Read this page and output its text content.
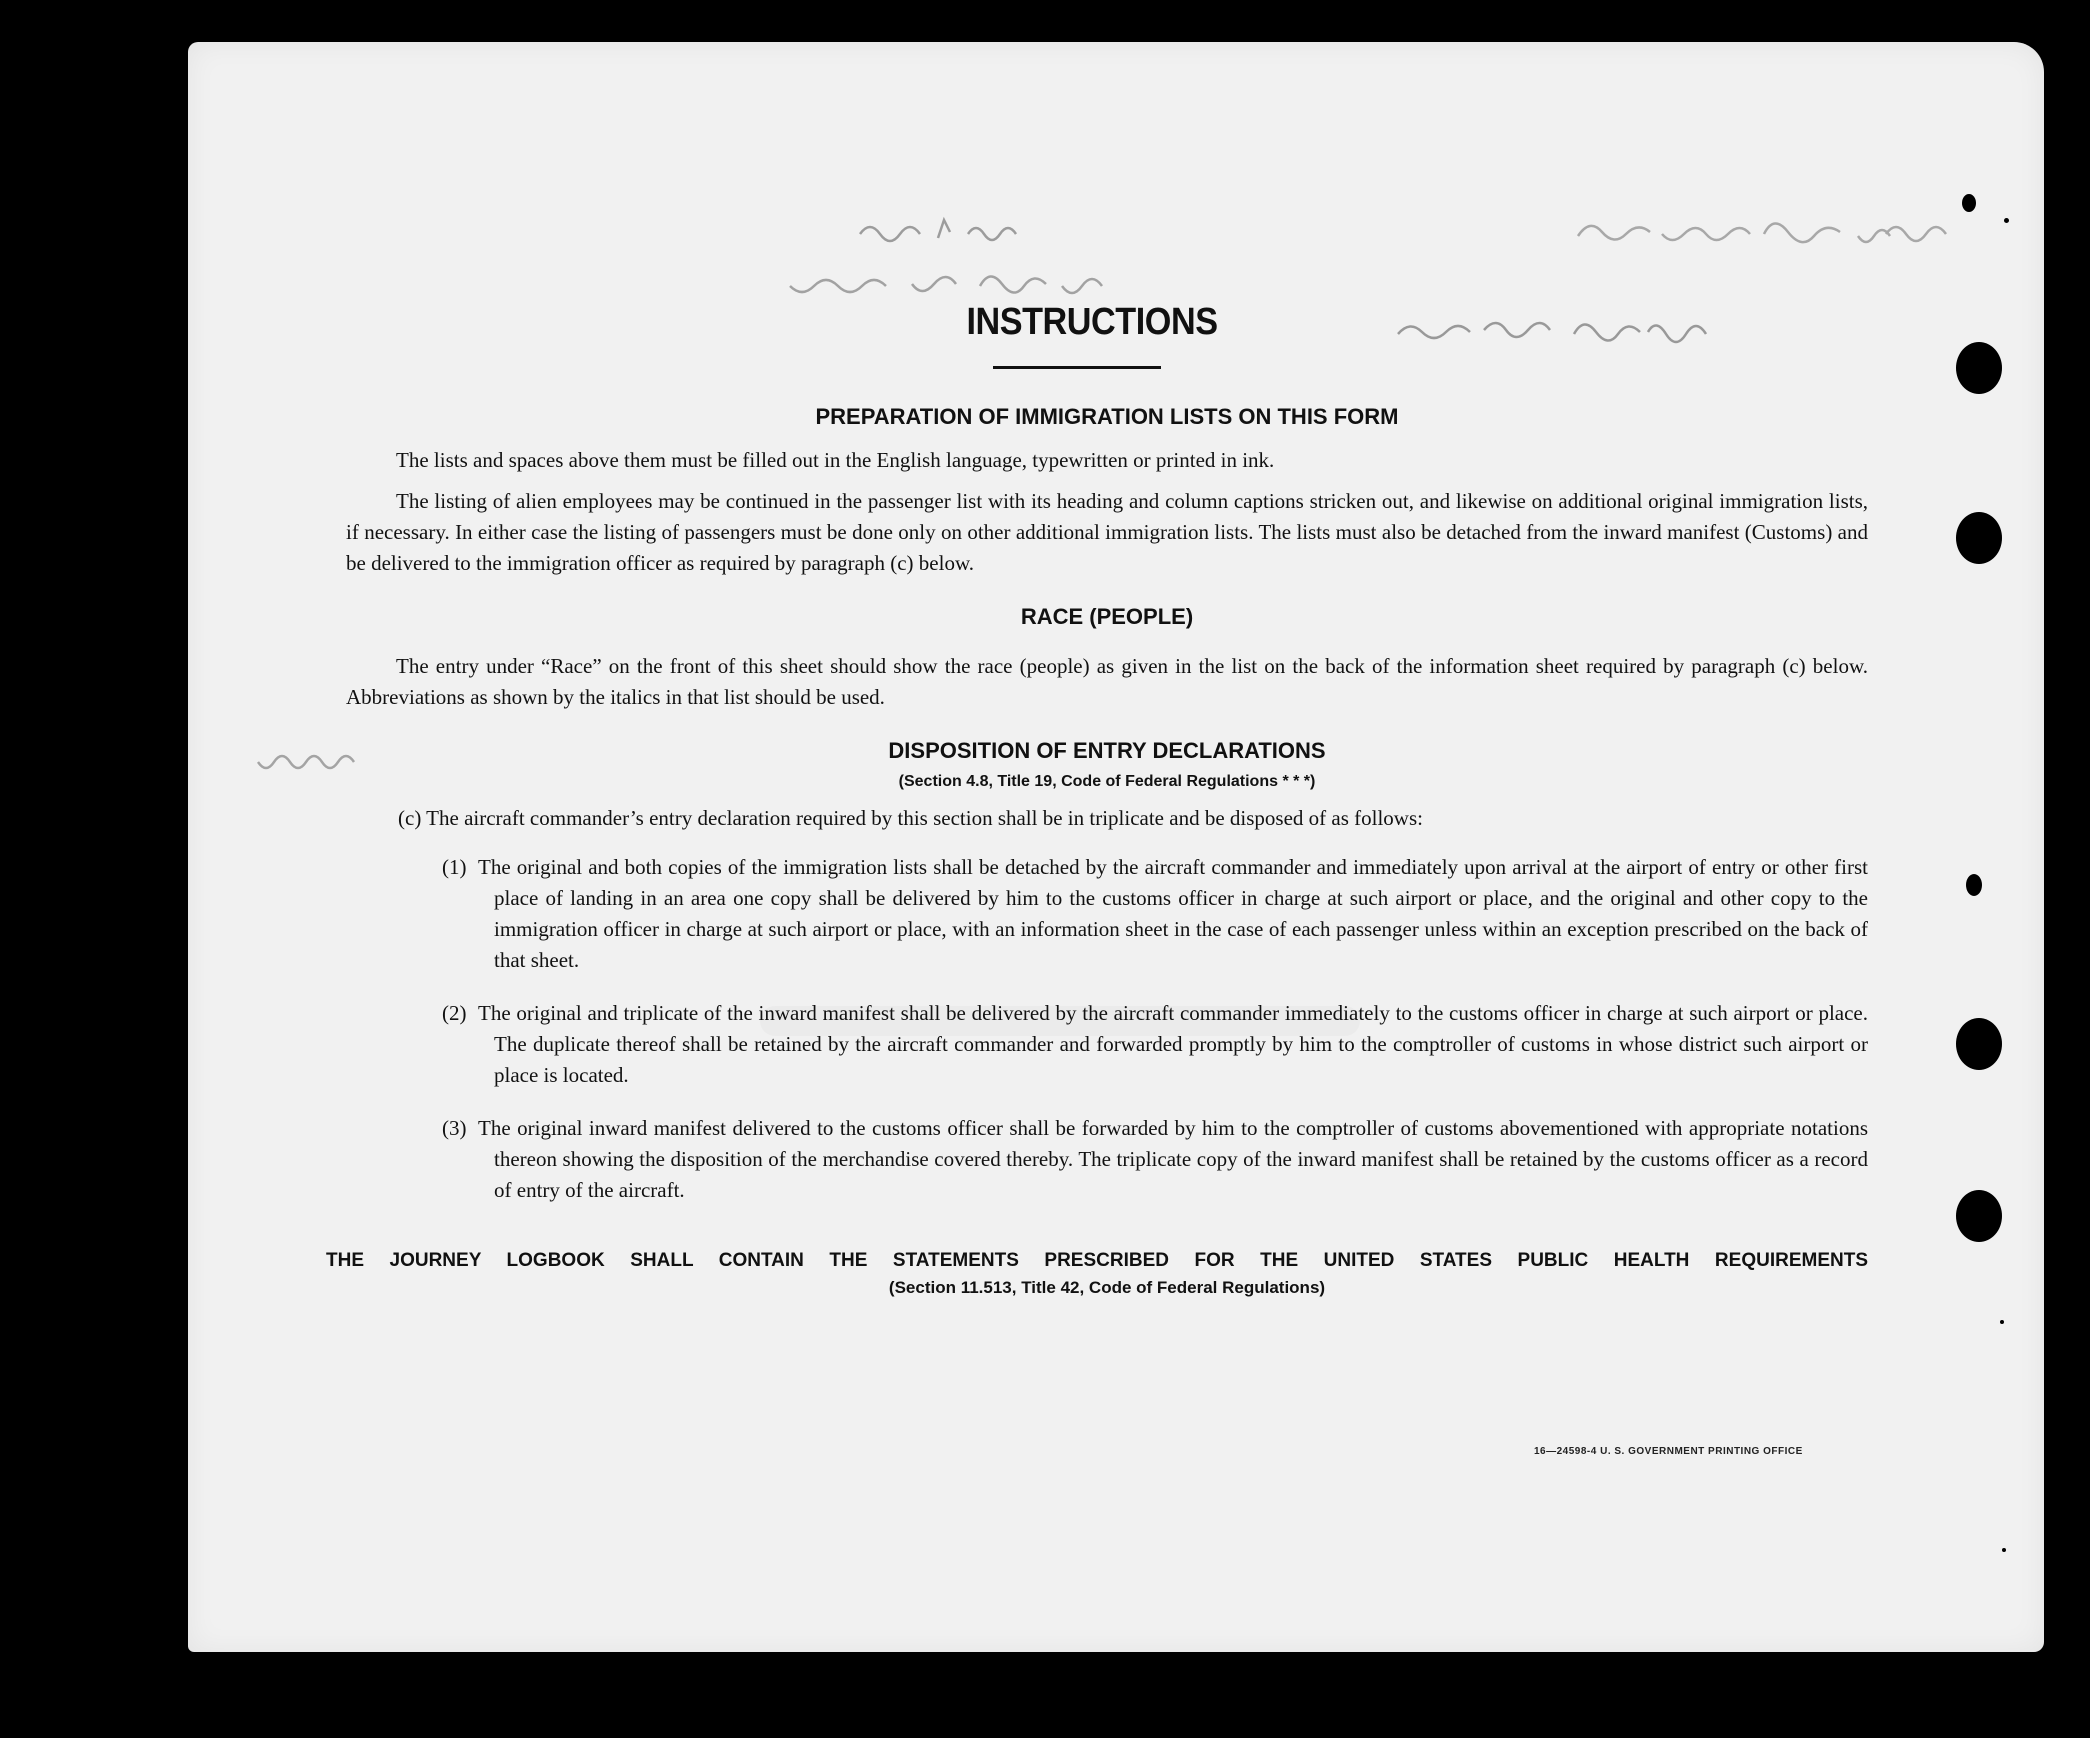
INSTRUCTIONS
PREPARATION OF IMMIGRATION LISTS ON THIS FORM

The lists and spaces above them must be filled out in the English language, typewritten or printed in ink.

The listing of alien employees may be continued in the passenger list with its heading and column captions stricken out, and likewise on additional original immigration lists, if necessary. In either case the listing of passengers must be done only on other additional immigration lists. The lists must also be detached from the inward manifest (Customs) and be delivered to the immigration officer as required by paragraph (c) below.

RACE (PEOPLE)

The entry under “Race” on the front of this sheet should show the race (people) as given in the list on the back of the information sheet required by paragraph (c) below. Abbreviations as shown by the italics in that list should be used.

DISPOSITION OF ENTRY DECLARATIONS
(Section 4.8, Title 19, Code of Federal Regulations * * *)

(c) The aircraft commander’s entry declaration required by this section shall be in triplicate and be disposed of as follows:

(1) The original and both copies of the immigration lists shall be detached by the aircraft commander and immediately upon arrival at the airport of entry or other first place of landing in an area one copy shall be delivered by him to the customs officer in charge at such airport or place, and the original and other copy to the immigration officer in charge at such airport or place, with an information sheet in the case of each passenger unless within an exception prescribed on the back of that sheet.
(2) The original and triplicate of the inward manifest shall be delivered by the aircraft commander immediately to the customs officer in charge at such airport or place. The duplicate thereof shall be retained by the aircraft commander and forwarded promptly by him to the comptroller of customs in whose district such airport or place is located.
(3) The original inward manifest delivered to the customs officer shall be forwarded by him to the comptroller of customs abovementioned with appropriate notations thereon showing the disposition of the merchandise covered thereby. The triplicate copy of the inward manifest shall be retained by the customs officer as a record of entry of the aircraft.
THE JOURNEY LOGBOOK SHALL CONTAIN THE STATEMENTS PRESCRIBED FOR THE UNITED STATES PUBLIC HEALTH REQUIREMENTS
(Section 11.513, Title 42, Code of Federal Regulations)
16—24598-4 U. S. GOVERNMENT PRINTING OFFICE
